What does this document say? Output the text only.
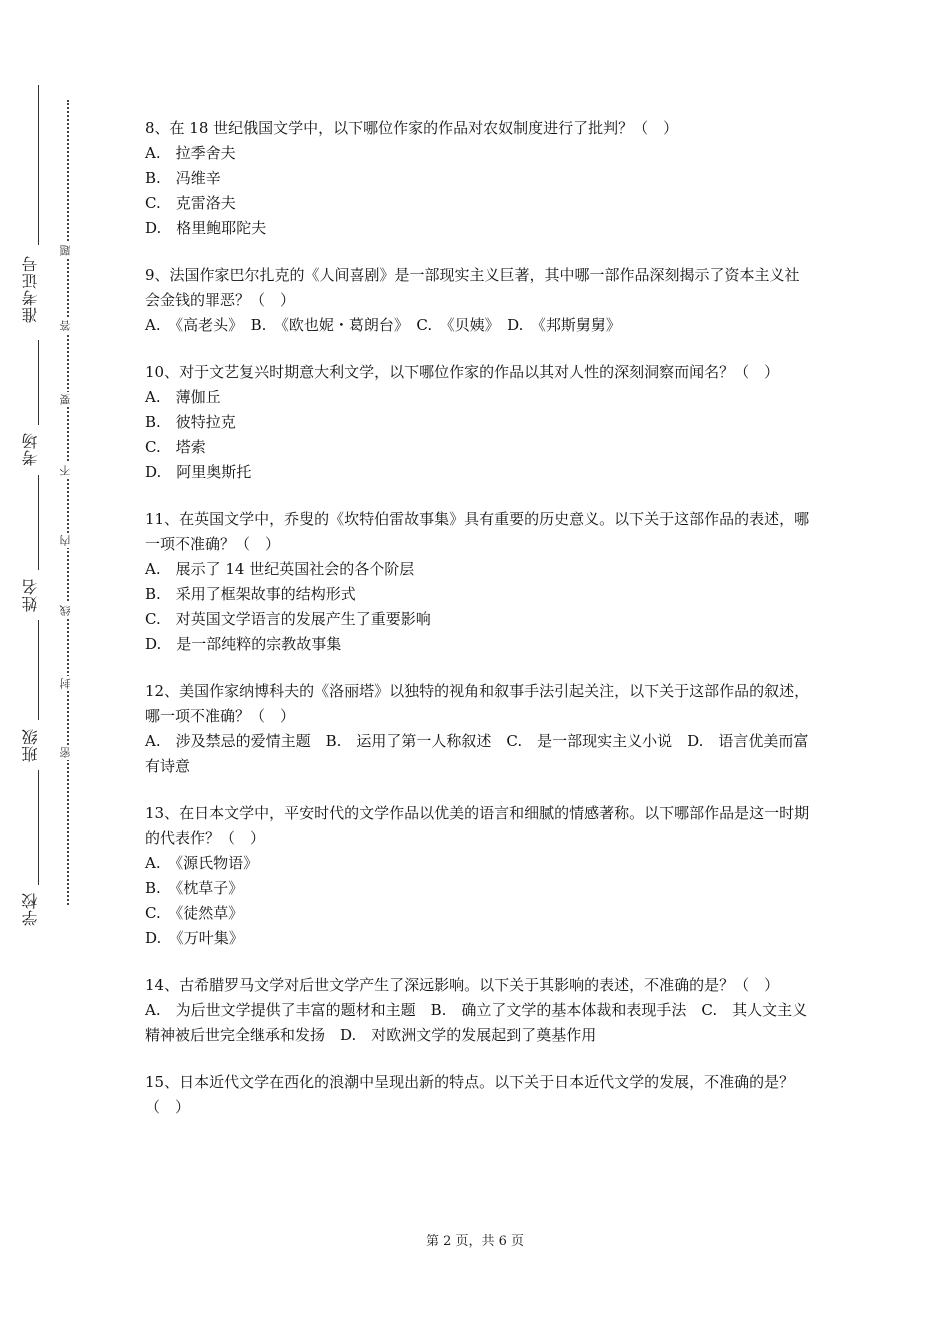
准考证号
考场
姓名
班级
学校
题
答
要
不
内
线
封
密

8、在 18 世纪俄国文学中，以下哪位作家的作品对农奴制度进行了批判？（　）

A.　拉季舍夫

B.　冯维辛

C.　克雷洛夫

D.　格里鲍耶陀夫

9、法国作家巴尔扎克的《人间喜剧》是一部现实主义巨著，其中哪一部作品深刻揭示了资本主义社会金钱的罪恶？（　）

A.　《高老头》　B.　《欧也妮・葛朗台》　C.　《贝姨》　D.　《邦斯舅舅》

10、对于文艺复兴时期意大利文学，以下哪位作家的作品以其对人性的深刻洞察而闻名？（　）

A.　薄伽丘

B.　彼特拉克

C.　塔索

D.　阿里奥斯托

11、在英国文学中，乔叟的《坎特伯雷故事集》具有重要的历史意义。以下关于这部作品的表述，哪一项不准确？（　）

A.　展示了 14 世纪英国社会的各个阶层

B.　采用了框架故事的结构形式

C.　对英国文学语言的发展产生了重要影响

D.　是一部纯粹的宗教故事集

12、美国作家纳博科夫的《洛丽塔》以独特的视角和叙事手法引起关注，以下关于这部作品的叙述，哪一项不准确？（　）

A.　涉及禁忌的爱情主题　B.　运用了第一人称叙述　C.　是一部现实主义小说　D.　语言优美而富有诗意

13、在日本文学中，平安时代的文学作品以优美的语言和细腻的情感著称。以下哪部作品是这一时期的代表作？（　）

A.　《源氏物语》

B.　《枕草子》

C.　《徒然草》

D.　《万叶集》

14、古希腊罗马文学对后世文学产生了深远影响。以下关于其影响的表述，不准确的是？（　）

A.　为后世文学提供了丰富的题材和主题　B.　确立了文学的基本体裁和表现手法　C.　其人文主义精神被后世完全继承和发扬　D.　对欧洲文学的发展起到了奠基作用

15、日本近代文学在西化的浪潮中呈现出新的特点。以下关于日本近代文学的发展，不准确的是？（　）

第 2 页，共 6 页
